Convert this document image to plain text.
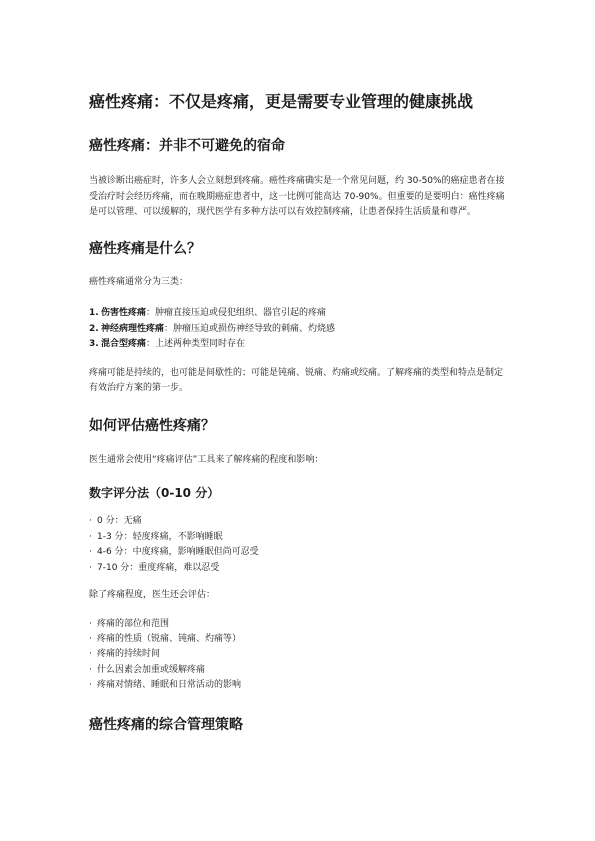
癌性疼痛：不仅是疼痛，更是需要专业管理的健康挑战
癌性疼痛：并非不可避免的宿命

当被诊断出癌症时，许多人会立刻想到疼痛。癌性疼痛确实是一个常见问题，约 30-50%的癌症患者在接受治疗时会经历疼痛，而在晚期癌症患者中，这一比例可能高达 70-90%。但重要的是要明白：癌性疼痛是可以管理、可以缓解的，现代医学有多种方法可以有效控制疼痛，让患者保持生活质量和尊严。

癌性疼痛是什么？

癌性疼痛通常分为三类：

1. 伤害性疼痛：肿瘤直接压迫或侵犯组织、器官引起的疼痛
2. 神经病理性疼痛：肿瘤压迫或损伤神经导致的刺痛、灼烧感
3. 混合型疼痛：上述两种类型同时存在

疼痛可能是持续的，也可能是间歇性的；可能是钝痛、锐痛、灼痛或绞痛。了解疼痛的类型和特点是制定有效治疗方案的第一步。

如何评估癌性疼痛？

医生通常会使用“疼痛评估”工具来了解疼痛的程度和影响：

数字评分法（0-10 分）
· 0 分：无痛
· 1-3 分：轻度疼痛，不影响睡眠
· 4-6 分：中度疼痛，影响睡眠但尚可忍受
· 7-10 分：重度疼痛，难以忍受

除了疼痛程度，医生还会评估：

· 疼痛的部位和范围
· 疼痛的性质（锐痛、钝痛、灼痛等）
· 疼痛的持续时间
· 什么因素会加重或缓解疼痛
· 疼痛对情绪、睡眠和日常活动的影响
癌性疼痛的综合管理策略
